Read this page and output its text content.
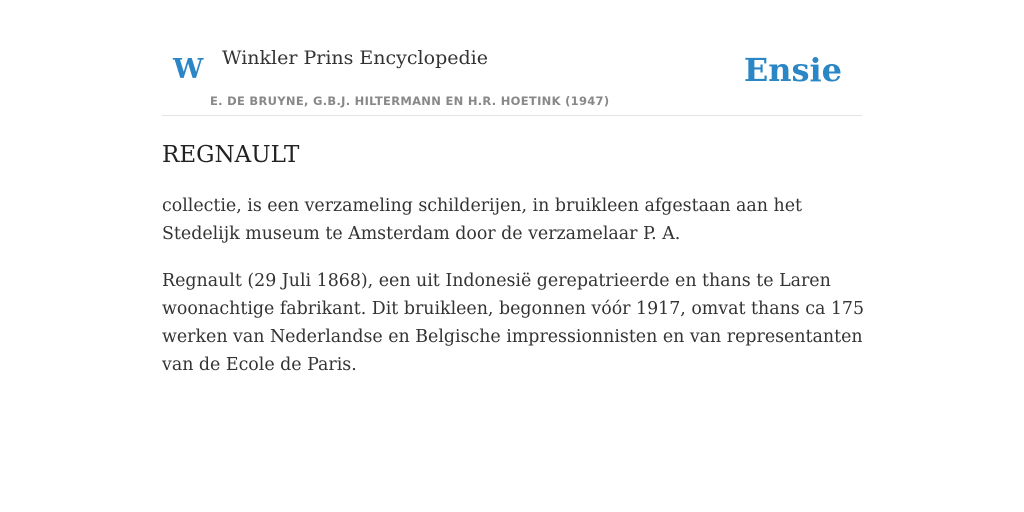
W Winkler Prins Encyclopedie
E. DE BRUYNE, G.B.J. HILTERMANN EN H.R. HOETINK (1947)
Ensie
REGNAULT

collectie, is een verzameling schilderijen, in bruikleen afgestaan aan het Stedelijk museum te Amsterdam door de verzamelaar P. A.

Regnault (29 Juli 1868), een uit Indonesië gerepatrieerde en thans te Laren woonachtige fabrikant. Dit bruikleen, begonnen vóór 1917, omvat thans ca 175 werken van Nederlandse en Belgische impressionnisten en van representanten van de Ecole de Paris.
